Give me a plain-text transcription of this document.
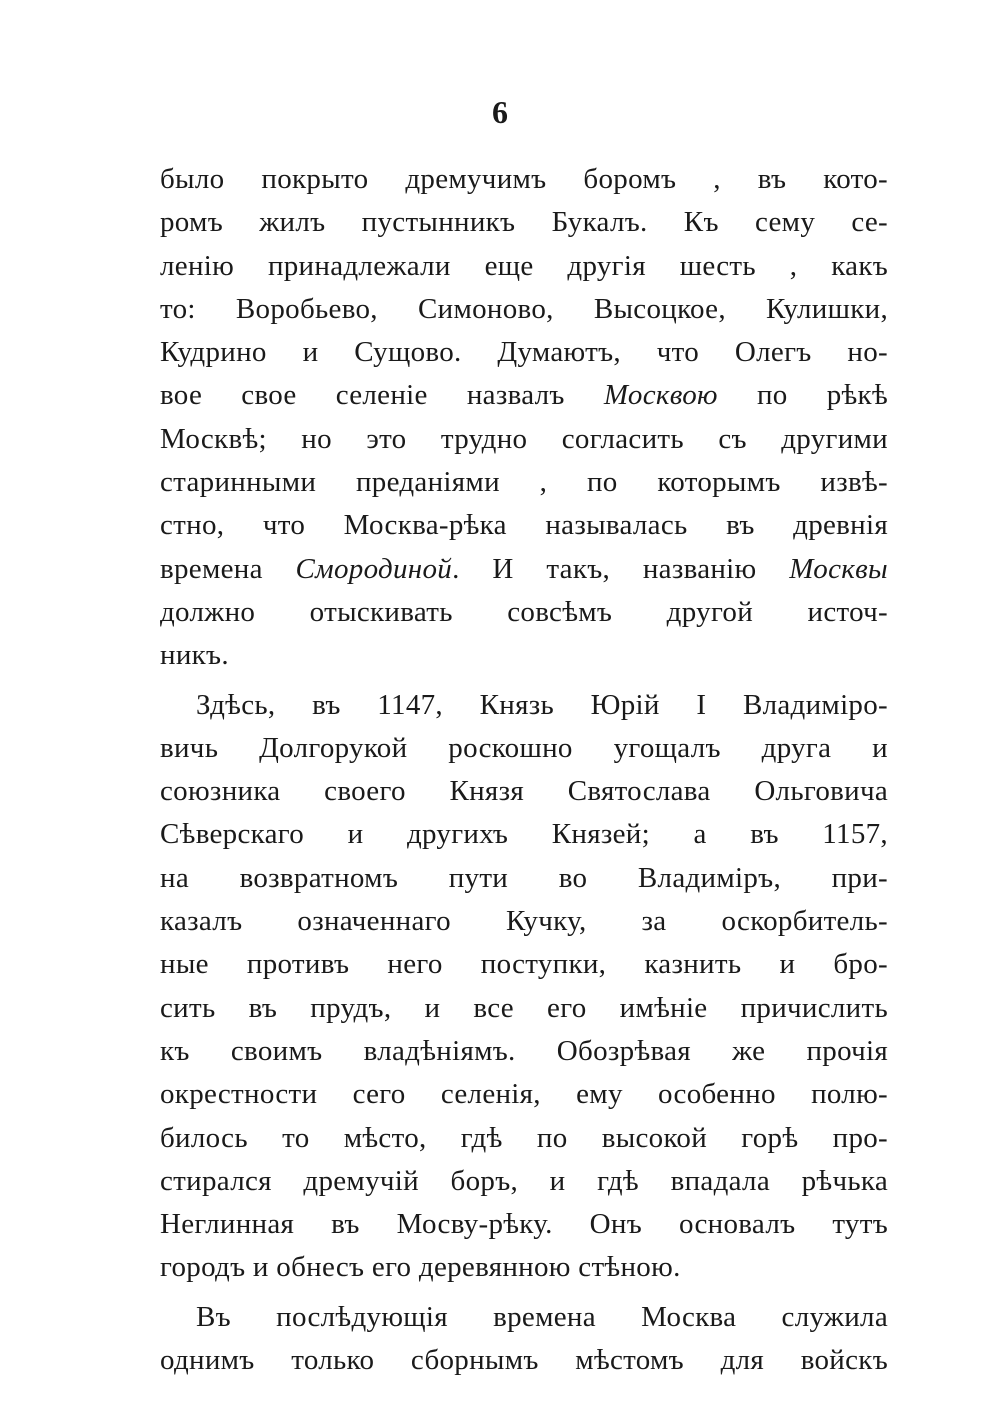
6
было покрыто дремучимъ боромъ , въ кото-
ромъ жилъ пустынникъ Букалъ. Къ сему се-
ленію принадлежали еще другія шесть , какъ
то: Воробьево, Симоново, Высоцкое, Кулишки,
Кудрино и Сущово. Думаютъ, что Олегъ но-
вое свое селеніе назвалъ Москвою по рѣкѣ
Москвѣ; но это трудно согласить съ другими
старинными преданіями , по которымъ извѣ-
стно, что Москва-рѣка называлась въ древнія
времена Смородиной. И такъ, названію Москвы
должно отыскивать совсѣмъ другой источ-
никъ.
Здѣсь, въ 1147, Князь Юрій I Владиміро-
вичь Долгорукой роскошно угощалъ друга и
союзника своего Князя Святослава Ольговича
Сѣверскаго и другихъ Князей; а въ 1157,
на возвратномъ пути во Владиміръ, при-
казалъ означеннаго Кучку, за оскорбитель-
ные противъ него поступки, казнить и бро-
сить въ прудъ, и все его имѣніе причислить
къ своимъ владѣніямъ. Обозрѣвая же прочія
окрестности сего селенія, ему особенно полю-
билось то мѣсто, гдѣ по высокой горѣ про-
стирался дремучій боръ, и гдѣ впадала рѣчька
Неглинная въ Мосву-рѣку. Онъ основалъ тутъ
городъ и обнесъ его деревянною стѣною.
Въ послѣдующія времена Москва служила
однимъ только сборнымъ мѣстомъ для войскъ
